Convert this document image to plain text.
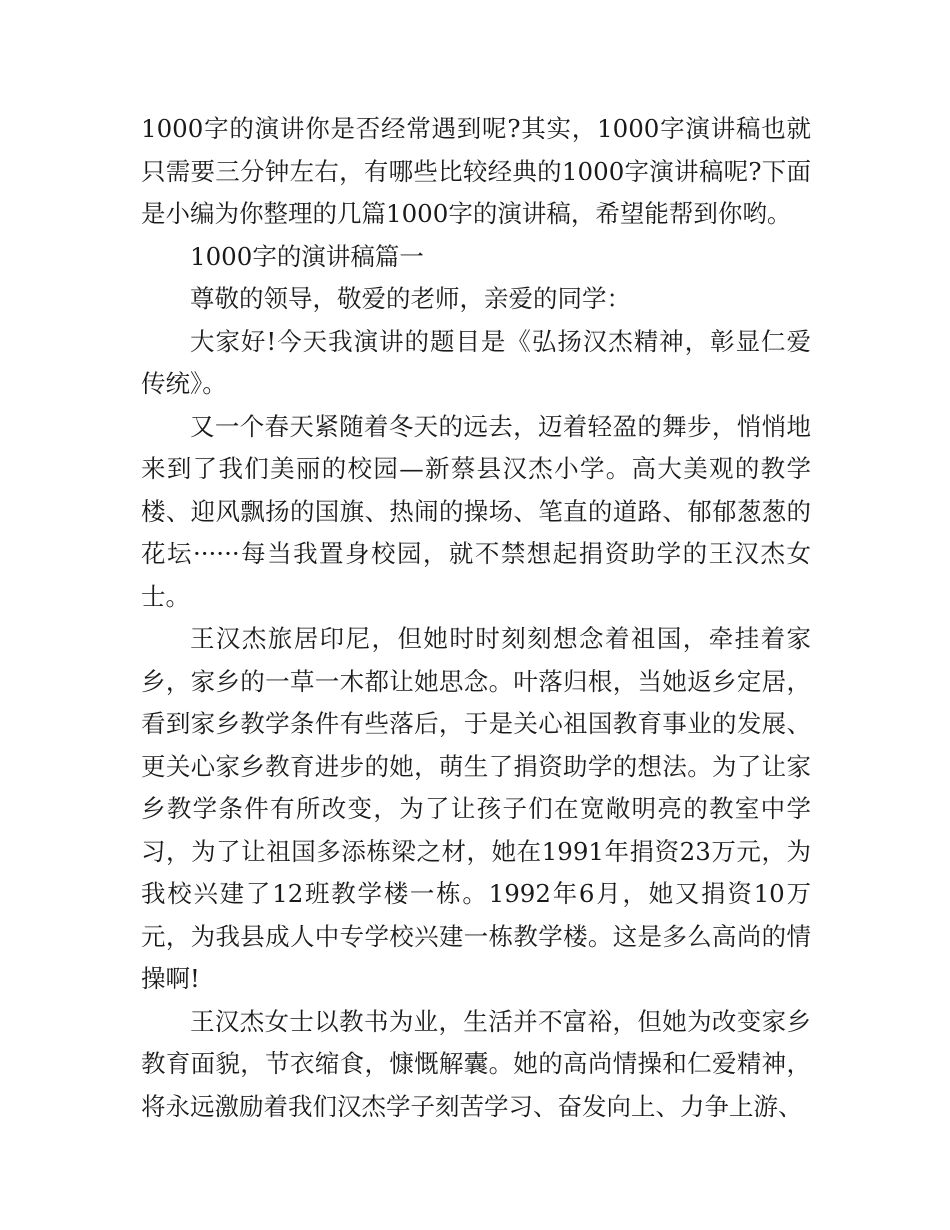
1000字的演讲你是否经常遇到呢?其实，1000字演讲稿也就只需要三分钟左右，有哪些比较经典的1000字演讲稿呢?下面是小编为你整理的几篇1000字的演讲稿，希望能帮到你哟。

1000字的演讲稿篇一

尊敬的领导，敬爱的老师，亲爱的同学：

大家好!今天我演讲的题目是《弘扬汉杰精神，彰显仁爱传统》。

又一个春天紧随着冬天的远去，迈着轻盈的舞步，悄悄地来到了我们美丽的校园—新蔡县汉杰小学。高大美观的教学楼、迎风飘扬的国旗、热闹的操场、笔直的道路、郁郁葱葱的花坛······每当我置身校园，就不禁想起捐资助学的王汉杰女士。

王汉杰旅居印尼，但她时时刻刻想念着祖国，牵挂着家乡，家乡的一草一木都让她思念。叶落归根，当她返乡定居，看到家乡教学条件有些落后，于是关心祖国教育事业的发展、更关心家乡教育进步的她，萌生了捐资助学的想法。为了让家乡教学条件有所改变，为了让孩子们在宽敞明亮的教室中学习，为了让祖国多添栋梁之材，她在1991年捐资23万元，为我校兴建了12班教学楼一栋。1992年6月，她又捐资10万元，为我县成人中专学校兴建一栋教学楼。这是多么高尚的情操啊!

王汉杰女士以教书为业，生活并不富裕，但她为改变家乡教育面貌，节衣缩食，慷慨解囊。她的高尚情操和仁爱精神，将永远激励着我们汉杰学子刻苦学习、奋发向上、力争上游、
